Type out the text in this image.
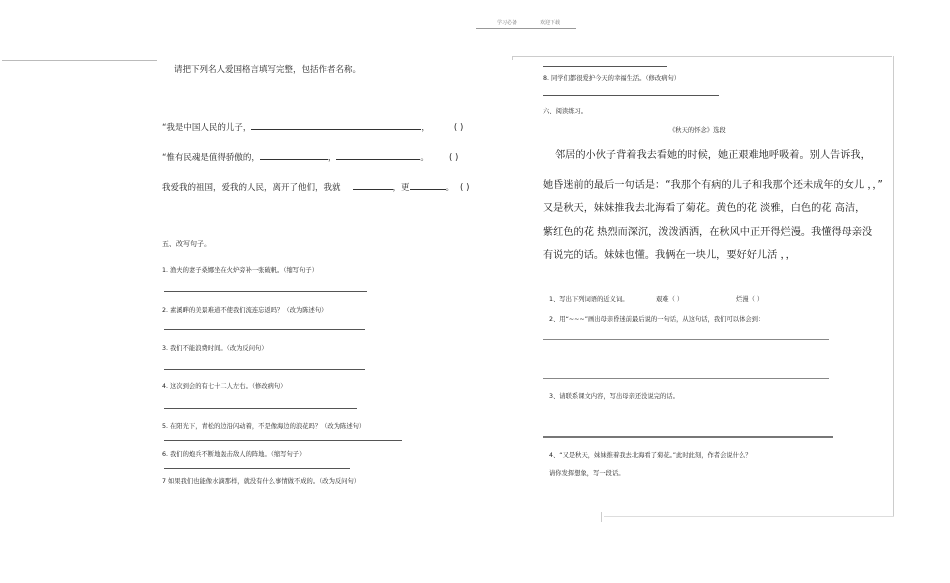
学习必备	欢迎下载
请把下列名人爱国格言填写完整，包括作者名称。
“我是中国人民的儿子，	，	( )
“惟有民魂是值得骄傲的，	，	。 ( )
我爱我的祖国，爱我的人民，离开了他们，我就	，更	。 ( )
五、改写句子。
1. 渔夫的妻子桑娜坐在火炉旁补一张破帆。（缩写句子）
2. 素溪畔的美景难道不使我们流连忘返吗？（改为陈述句）
3. 我们不能浪费时间。（改为反问句）
4. 这次到会的有七十二人左右。（修改病句）
5. 在阳光下，青松的边沿闪动着，不是像海边的浪花吗？（改为陈述句）
6. 我们的炮兵不断地轰击敌人的阵地。（缩写句子）
7 如果我们也能像水滴那样，就没有什么事情做不成的。（改为反问句）
8. 同学们都很爱护今天的幸福生活。（修改病句）
六、阅读练习。
《秋天的怀念》选段
邻居的小伙子背着我去看她的时候，她正艰难地呼吸着。别人告诉我，
她昏迷前的最后一句话是：“我那个有病的儿子和我那个还未成年的女儿 ，，”
又是秋天，妹妹推我去北海看了菊花。黄色的花 淡雅，白色的花 高洁，
紫红色的花 热烈而深沉，泼泼洒洒，在秋风中正开得烂漫。我懂得母亲没
有说完的话。妹妹也懂。我俩在一块儿，要好好儿活 ，，
1、写出下列词语的近义词。	艰难（ ）	烂漫（ ）
2、用“~~~”画出母亲昏迷前最后说的一句话，从这句话，我们可以体会到：
3、请联系课文内容，写出母亲还没说完的话。
4、“又是秋天，妹妹推着我去北海看了菊花。”此时此刻，作者会说什么？
请你发挥想象，写一段话。
